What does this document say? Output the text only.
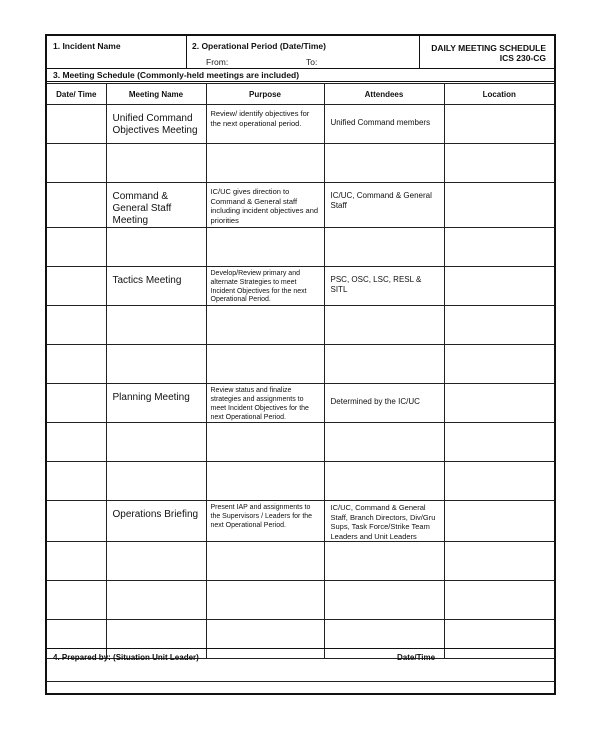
1. Incident Name	2. Operational Period (Date/Time)
From:	To:
DAILY MEETING SCHEDULE
ICS 230-CG
3. Meeting Schedule (Commonly-held meetings are included)
Date/ Time	Meeting Name	Purpose	Attendees	Location

	Unified Command Objectives Meeting	Review/ identify objectives for the next operational period.	Unified Command members	

	Command & General Staff Meeting	IC/UC gives direction to Command & General staff including incident objectives and priorities	IC/UC, Command & General Staff	

	Tactics Meeting	Develop/Review primary and alternate Strategies to meet Incident Objectives for the next Operational Period.	PSC, OSC, LSC, RESL & SITL	

	Planning Meeting	Review status and finalize strategies and assignments to meet Incident Objectives for the next Operational Period.	Determined by the IC/UC	

	Operations Briefing	Present IAP and assignments to the Supervisors / Leaders for the next Operational Period.	IC/UC, Command & General Staff, Branch Directors, Div/Gru Sups, Task Force/Strike Team Leaders and Unit Leaders	

4. Prepared by: (Situation Unit Leader)	Date/Time
